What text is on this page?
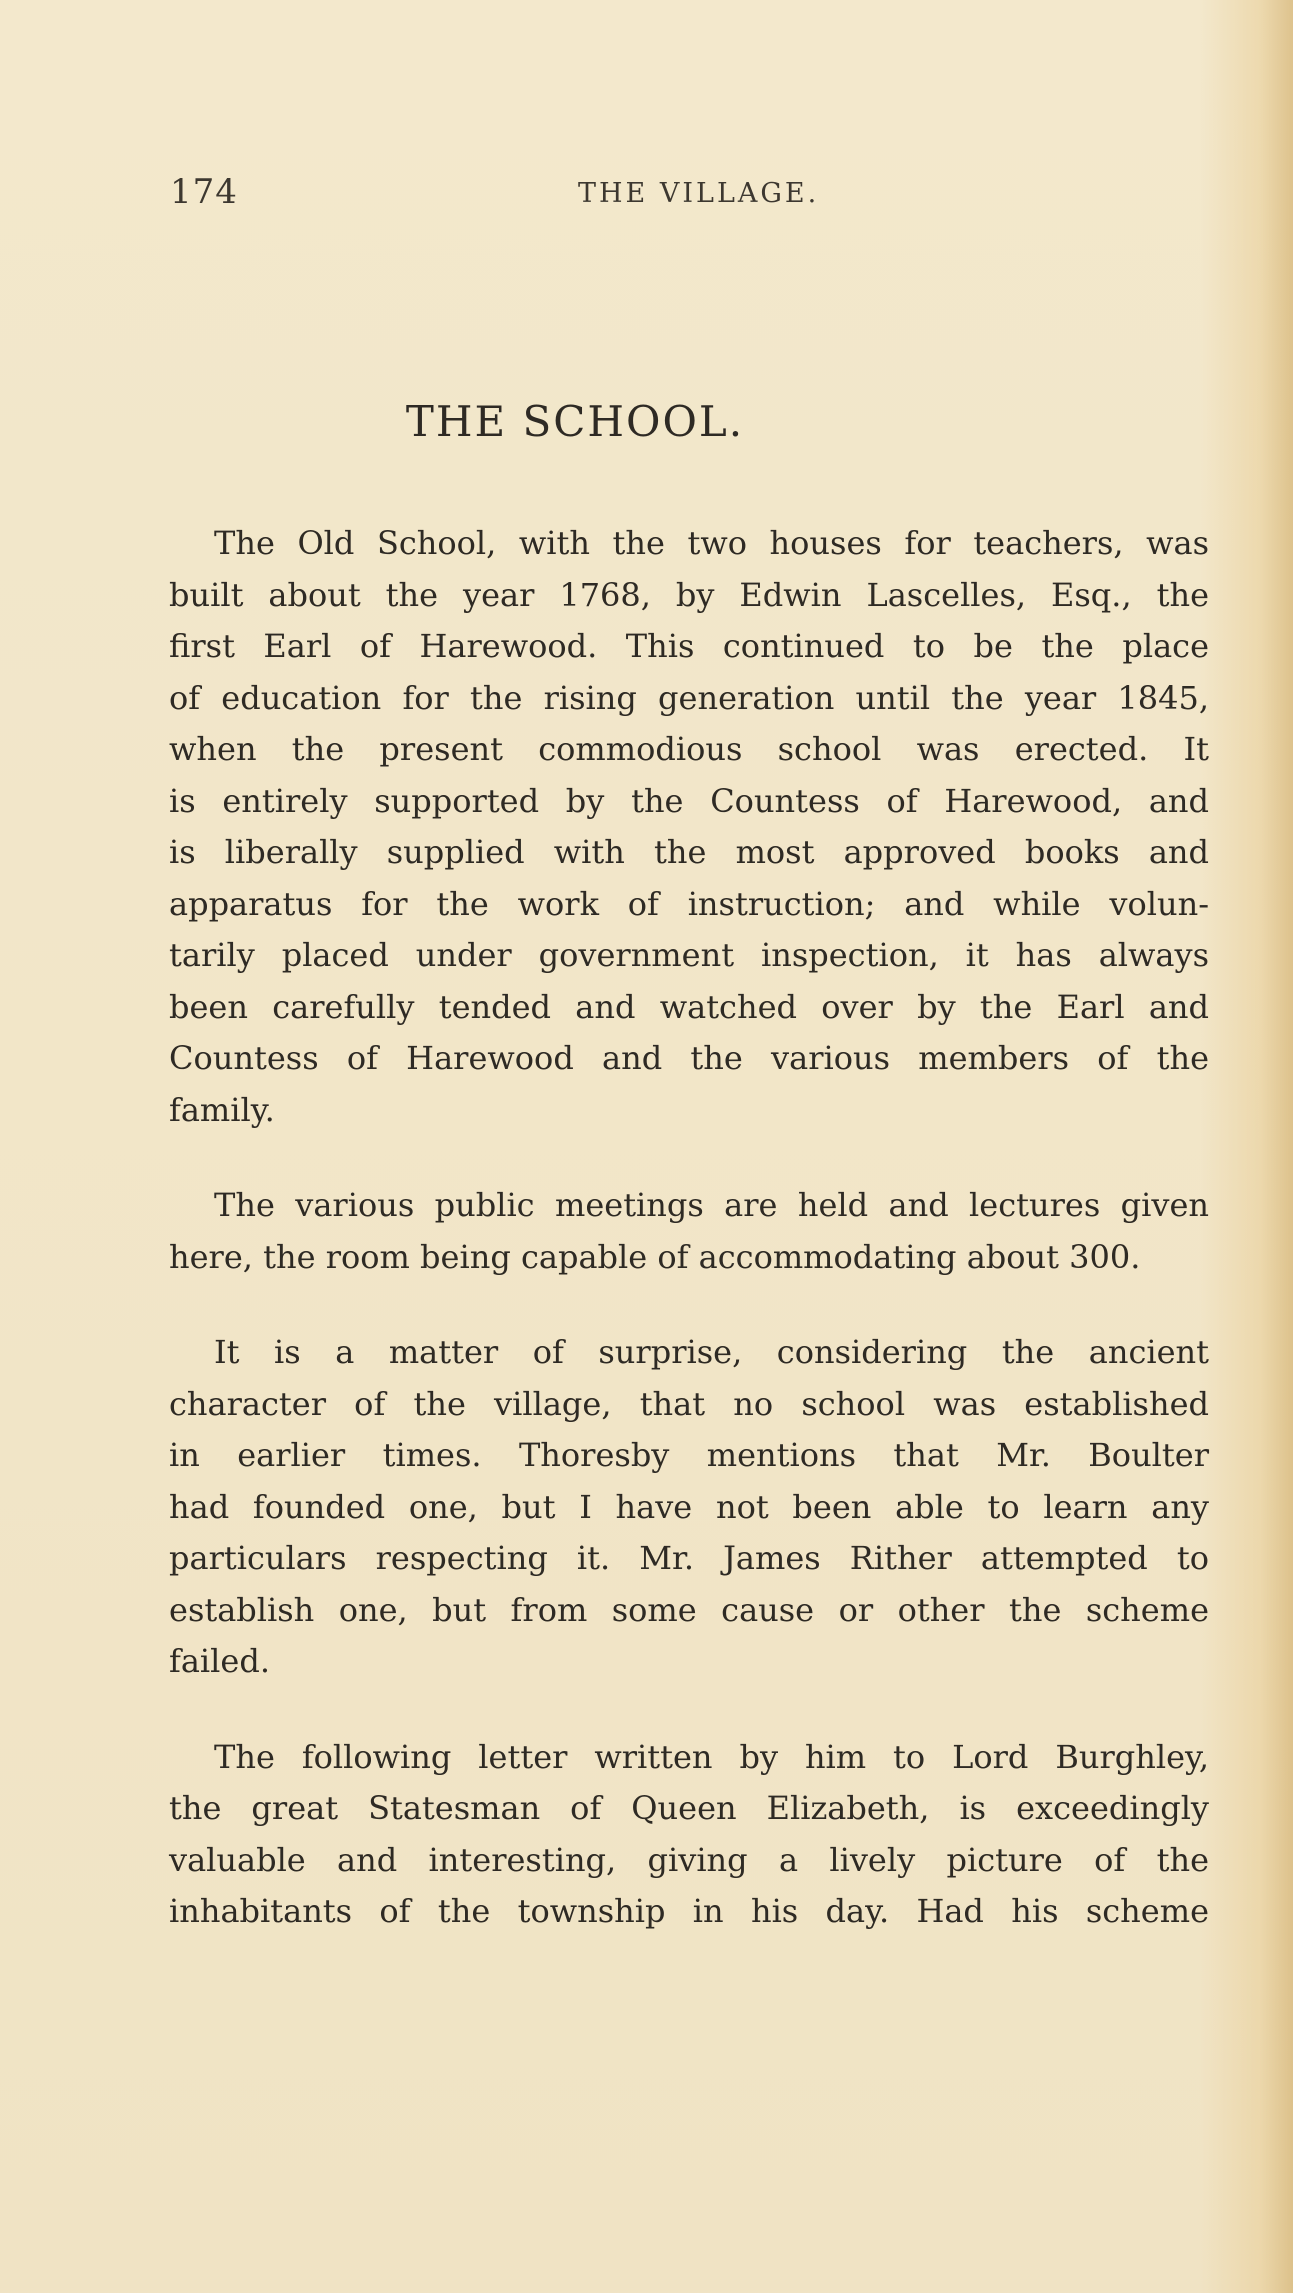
174	THE VILLAGE.
THE SCHOOL.

The Old School, with the two houses for teachers, was
built about the year 1768, by Edwin Lascelles, Esq., the
first Earl of Harewood. This continued to be the place
of education for the rising generation until the year 1845,
when the present commodious school was erected. It
is entirely supported by the Countess of Harewood, and
is liberally supplied with the most approved books and
apparatus for the work of instruction; and while volun-
tarily placed under government inspection, it has always
been carefully tended and watched over by the Earl and
Countess of Harewood and the various members of the
family.

The various public meetings are held and lectures given
here, the room being capable of accommodating about 300.

It is a matter of surprise, considering the ancient
character of the village, that no school was established
in earlier times. Thoresby mentions that Mr. Boulter
had founded one, but I have not been able to learn any
particulars respecting it. Mr. James Rither attempted to
establish one, but from some cause or other the scheme
failed.

The following letter written by him to Lord Burghley,
the great Statesman of Queen Elizabeth, is exceedingly
valuable and interesting, giving a lively picture of the
inhabitants of the township in his day. Had his scheme
